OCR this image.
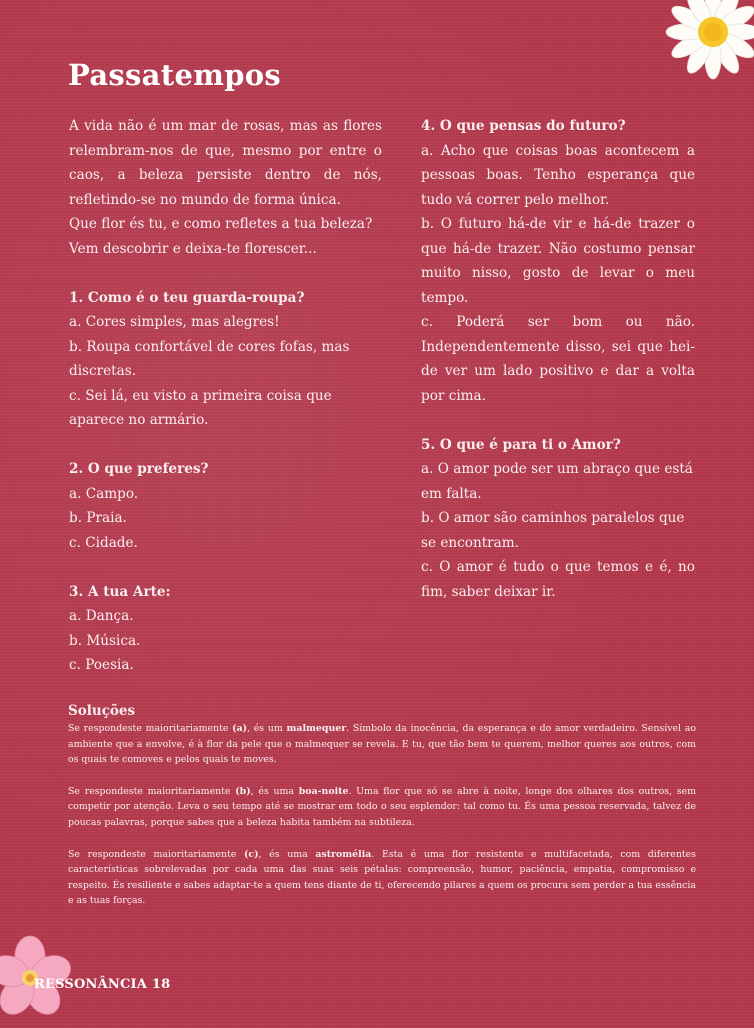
Passatempos

A vida não é um mar de rosas, mas as flores relembram-nos de que, mesmo por entre o caos, a beleza persiste dentro de nós, refletindo-se no mundo de forma única.

Que flor és tu, e como refletes a tua beleza? Vem descobrir e deixa-te florescer...

1. Como é o teu guarda-roupa?

a. Cores simples, mas alegres!

b. Roupa confortável de cores fofas, mas discretas.

c. Sei lá, eu visto a primeira coisa que aparece no armário.

2. O que preferes?

a. Campo.

b. Praia.

c. Cidade.

3. A tua Arte:

a. Dança.

b. Música.

c. Poesia.

4. O que pensas do futuro?

a. Acho que coisas boas acontecem a pessoas boas. Tenho esperança que tudo vá correr pelo melhor.

b. O futuro há-de vir e há-de trazer o que há-de trazer. Não costumo pensar muito nisso, gosto de levar o meu tempo.

c. Poderá ser bom ou não. Independentemente disso, sei que hei-de ver um lado positivo e dar a volta por cima.

5. O que é para ti o Amor?

a. O amor pode ser um abraço que está em falta.

b. O amor são caminhos paralelos que se encontram.

c. O amor é tudo o que temos e é, no fim, saber deixar ir.

Soluções

Se respondeste maioritariamente (a), és um malmequer. Símbolo da inocência, da esperança e do amor verdadeiro. Sensível ao ambiente que a envolve, é à flor da pele que o malmequer se revela. E tu, que tão bem te querem, melhor queres aos outros, com os quais te comoves e pelos quais te moves.

Se respondeste maioritariamente (b), és uma boa-noite. Uma flor que só se abre à noite, longe dos olhares dos outros, sem competir por atenção. Leva o seu tempo até se mostrar em todo o seu esplendor: tal como tu. És uma pessoa reservada, talvez de poucas palavras, porque sabes que a beleza habita também na subtileza.

Se respondeste maioritariamente (c), és uma astromélia. Esta é uma flor resistente e multifacetada, com diferentes características sobrelevadas por cada uma das suas seis pétalas: compreensão, humor, paciência, empatia, compromisso e respeito. És resiliente e sabes adaptar-te a quem tens diante de ti, oferecendo pilares a quem os procura sem perder a tua essência e as tuas forças.

RESSONÂNCIA 18
